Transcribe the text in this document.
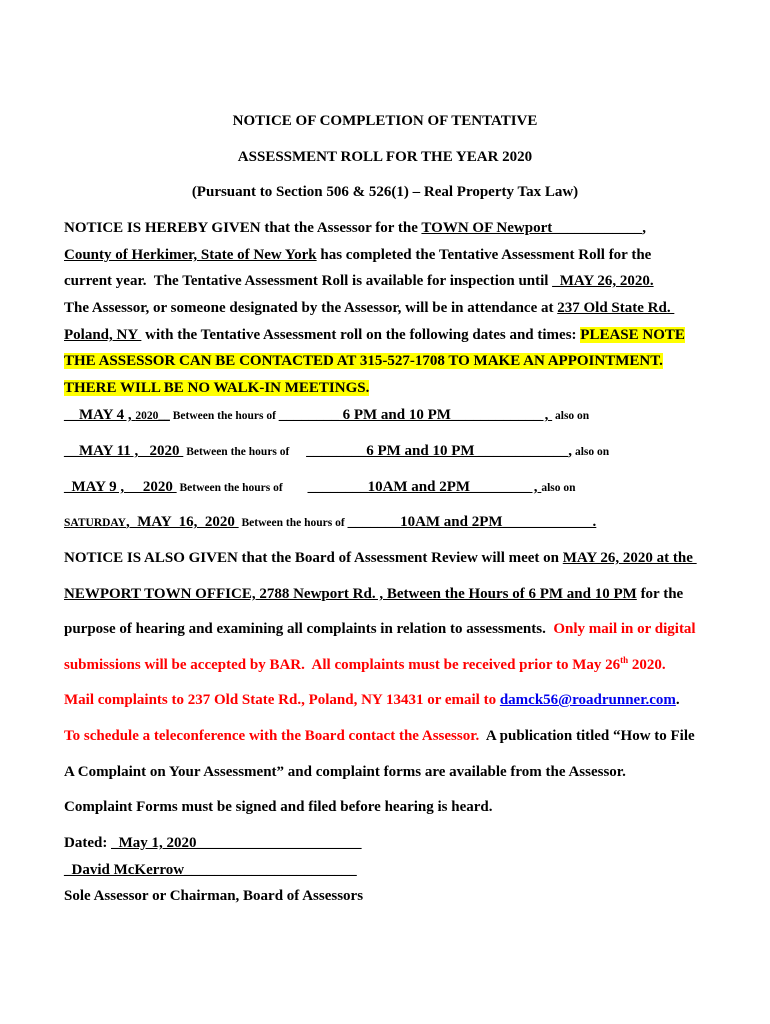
NOTICE OF COMPLETION OF TENTATIVE
ASSESSMENT ROLL FOR THE YEAR 2020
(Pursuant to Section 506 & 526(1) – Real Property Tax Law)
NOTICE IS HEREBY GIVEN that the Assessor for the TOWN OF Newport____________,
County of Herkimer, State of New York has completed the Tentative Assessment Roll for the
current year.  The Tentative Assessment Roll is available for inspection until _MAY 26, 2020.
The Assessor, or someone designated by the Assessor, will be in attendance at 237 Old State Rd.
Poland, NY  with the Tentative Assessment roll on the following dates and times: PLEASE NOTE
THE ASSESSOR CAN BE CONTACTED AT 315-527-1708 TO MAKE AN APPOINTMENT.
THERE WILL BE NO WALK-IN MEETINGS.
__MAY 4 , 2020__ Between the hours of ________ 6 PM and 10 PM____________ ,  also on
__MAY 11 ,   2020  Between the hours of ________6 PM and 10 PM ____________, also on
_MAY 9 ,     2020  Between the hours of ________10AM and 2PM________ , also on
SATURDAY,  MAY  16,  2020  Between the hours of _______10AM and 2PM____________.
NOTICE IS ALSO GIVEN that the Board of Assessment Review will meet on MAY 26, 2020 at the
NEWPORT TOWN OFFICE, 2788 Newport Rd. , Between the Hours of 6 PM and 10 PM for the
purpose of hearing and examining all complaints in relation to assessments.  Only mail in or digital
submissions will be accepted by BAR.  All complaints must be received prior to May 26th 2020.
Mail complaints to 237 Old State Rd., Poland, NY 13431 or email to damck56@roadrunner.com.
To schedule a teleconference with the Board contact the Assessor.  A publication titled “How to File
A Complaint on Your Assessment” and complaint forms are available from the Assessor.
Complaint Forms must be signed and filed before hearing is heard.
Dated: _May 1, 2020______________________
_David McKerrow_______________________
Sole Assessor or Chairman, Board of Assessors
